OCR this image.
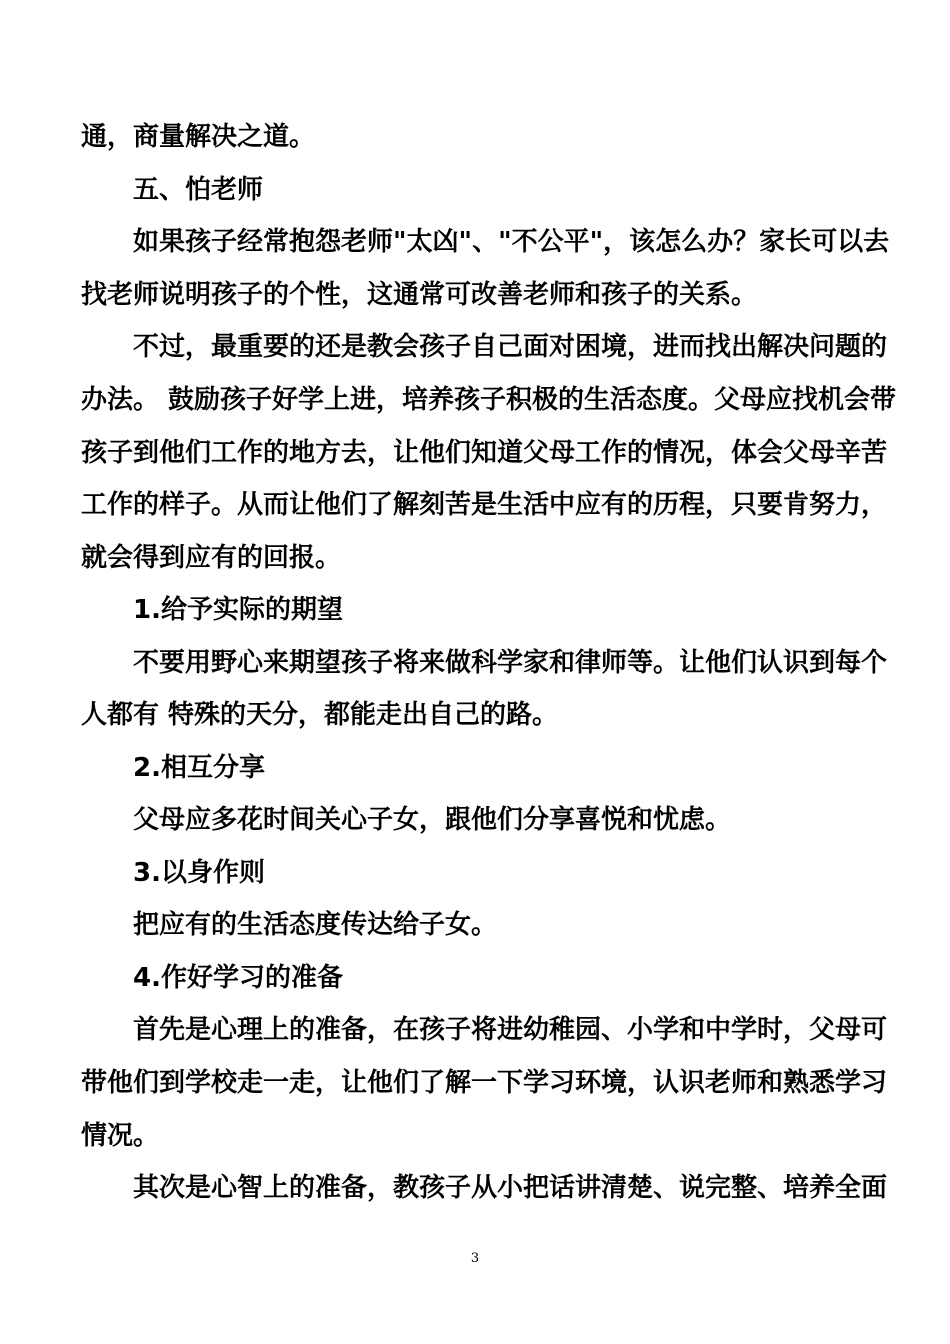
通，商量解决之道。
五、怕老师
如果孩子经常抱怨老师"太凶"、"不公平"，该怎么办？家长可以去
找老师说明孩子的个性，这通常可改善老师和孩子的关系。
不过，最重要的还是教会孩子自己面对困境，进而找出解决问题的
办法。 鼓励孩子好学上进，培养孩子积极的生活态度。父母应找机会带
孩子到他们工作的地方去，让他们知道父母工作的情况，体会父母辛苦
工作的样子。从而让他们了解刻苦是生活中应有的历程，只要肯努力，
就会得到应有的回报。
1.给予实际的期望
不要用野心来期望孩子将来做科学家和律师等。让他们认识到每个
人都有 特殊的天分，都能走出自己的路。
2.相互分享
父母应多花时间关心子女，跟他们分享喜悦和忧虑。
3.以身作则
把应有的生活态度传达给子女。
4.作好学习的准备
首先是心理上的准备，在孩子将进幼稚园、小学和中学时，父母可
带他们到学校走一走，让他们了解一下学习环境，认识老师和熟悉学习
情况。
其次是心智上的准备，教孩子从小把话讲清楚、说完整、培养全面
3
